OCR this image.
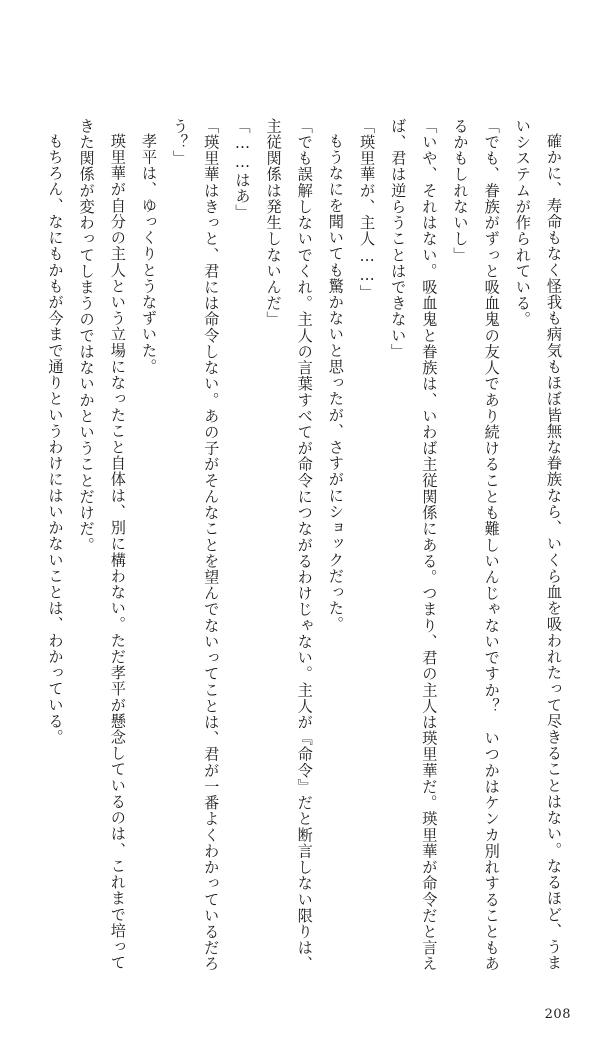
確かに、寿命もなく怪我も病気もほぼ皆無な眷族なら、いくら血を吸われたって尽きることはない。なるほど、うまいシステムが作られている。

「でも、眷族がずっと吸血鬼の友人であり続けることも難しいんじゃないですか？　いつかはケンカ別れすることもあるかもしれないし」

「いや、それはない。吸血鬼と眷族は、いわば主従関係にある。つまり、君の主人は瑛里華だ。瑛里華が命令だと言えば、君は逆らうことはできない」

「瑛里華が、主人……」

もうなにを聞いても驚かないと思ったが、さすがにショックだった。

「でも誤解しないでくれ。主人の言葉すべてが命令につながるわけじゃない。主人が『命令』だと断言しない限りは、主従関係は発生しないんだ」

「……はあ」

「瑛里華はきっと、君には命令しない。あの子がそんなことを望んでないってことは、君が一番よくわかっているだろう？」

孝平は、ゆっくりとうなずいた。

瑛里華が自分の主人という立場になったこと自体は、別に構わない。ただ孝平が懸念しているのは、これまで培ってきた関係が変わってしまうのではないかということだけだ。

もちろん、なにもかもが今まで通りというわけにはいかないことは、わかっている。

208
